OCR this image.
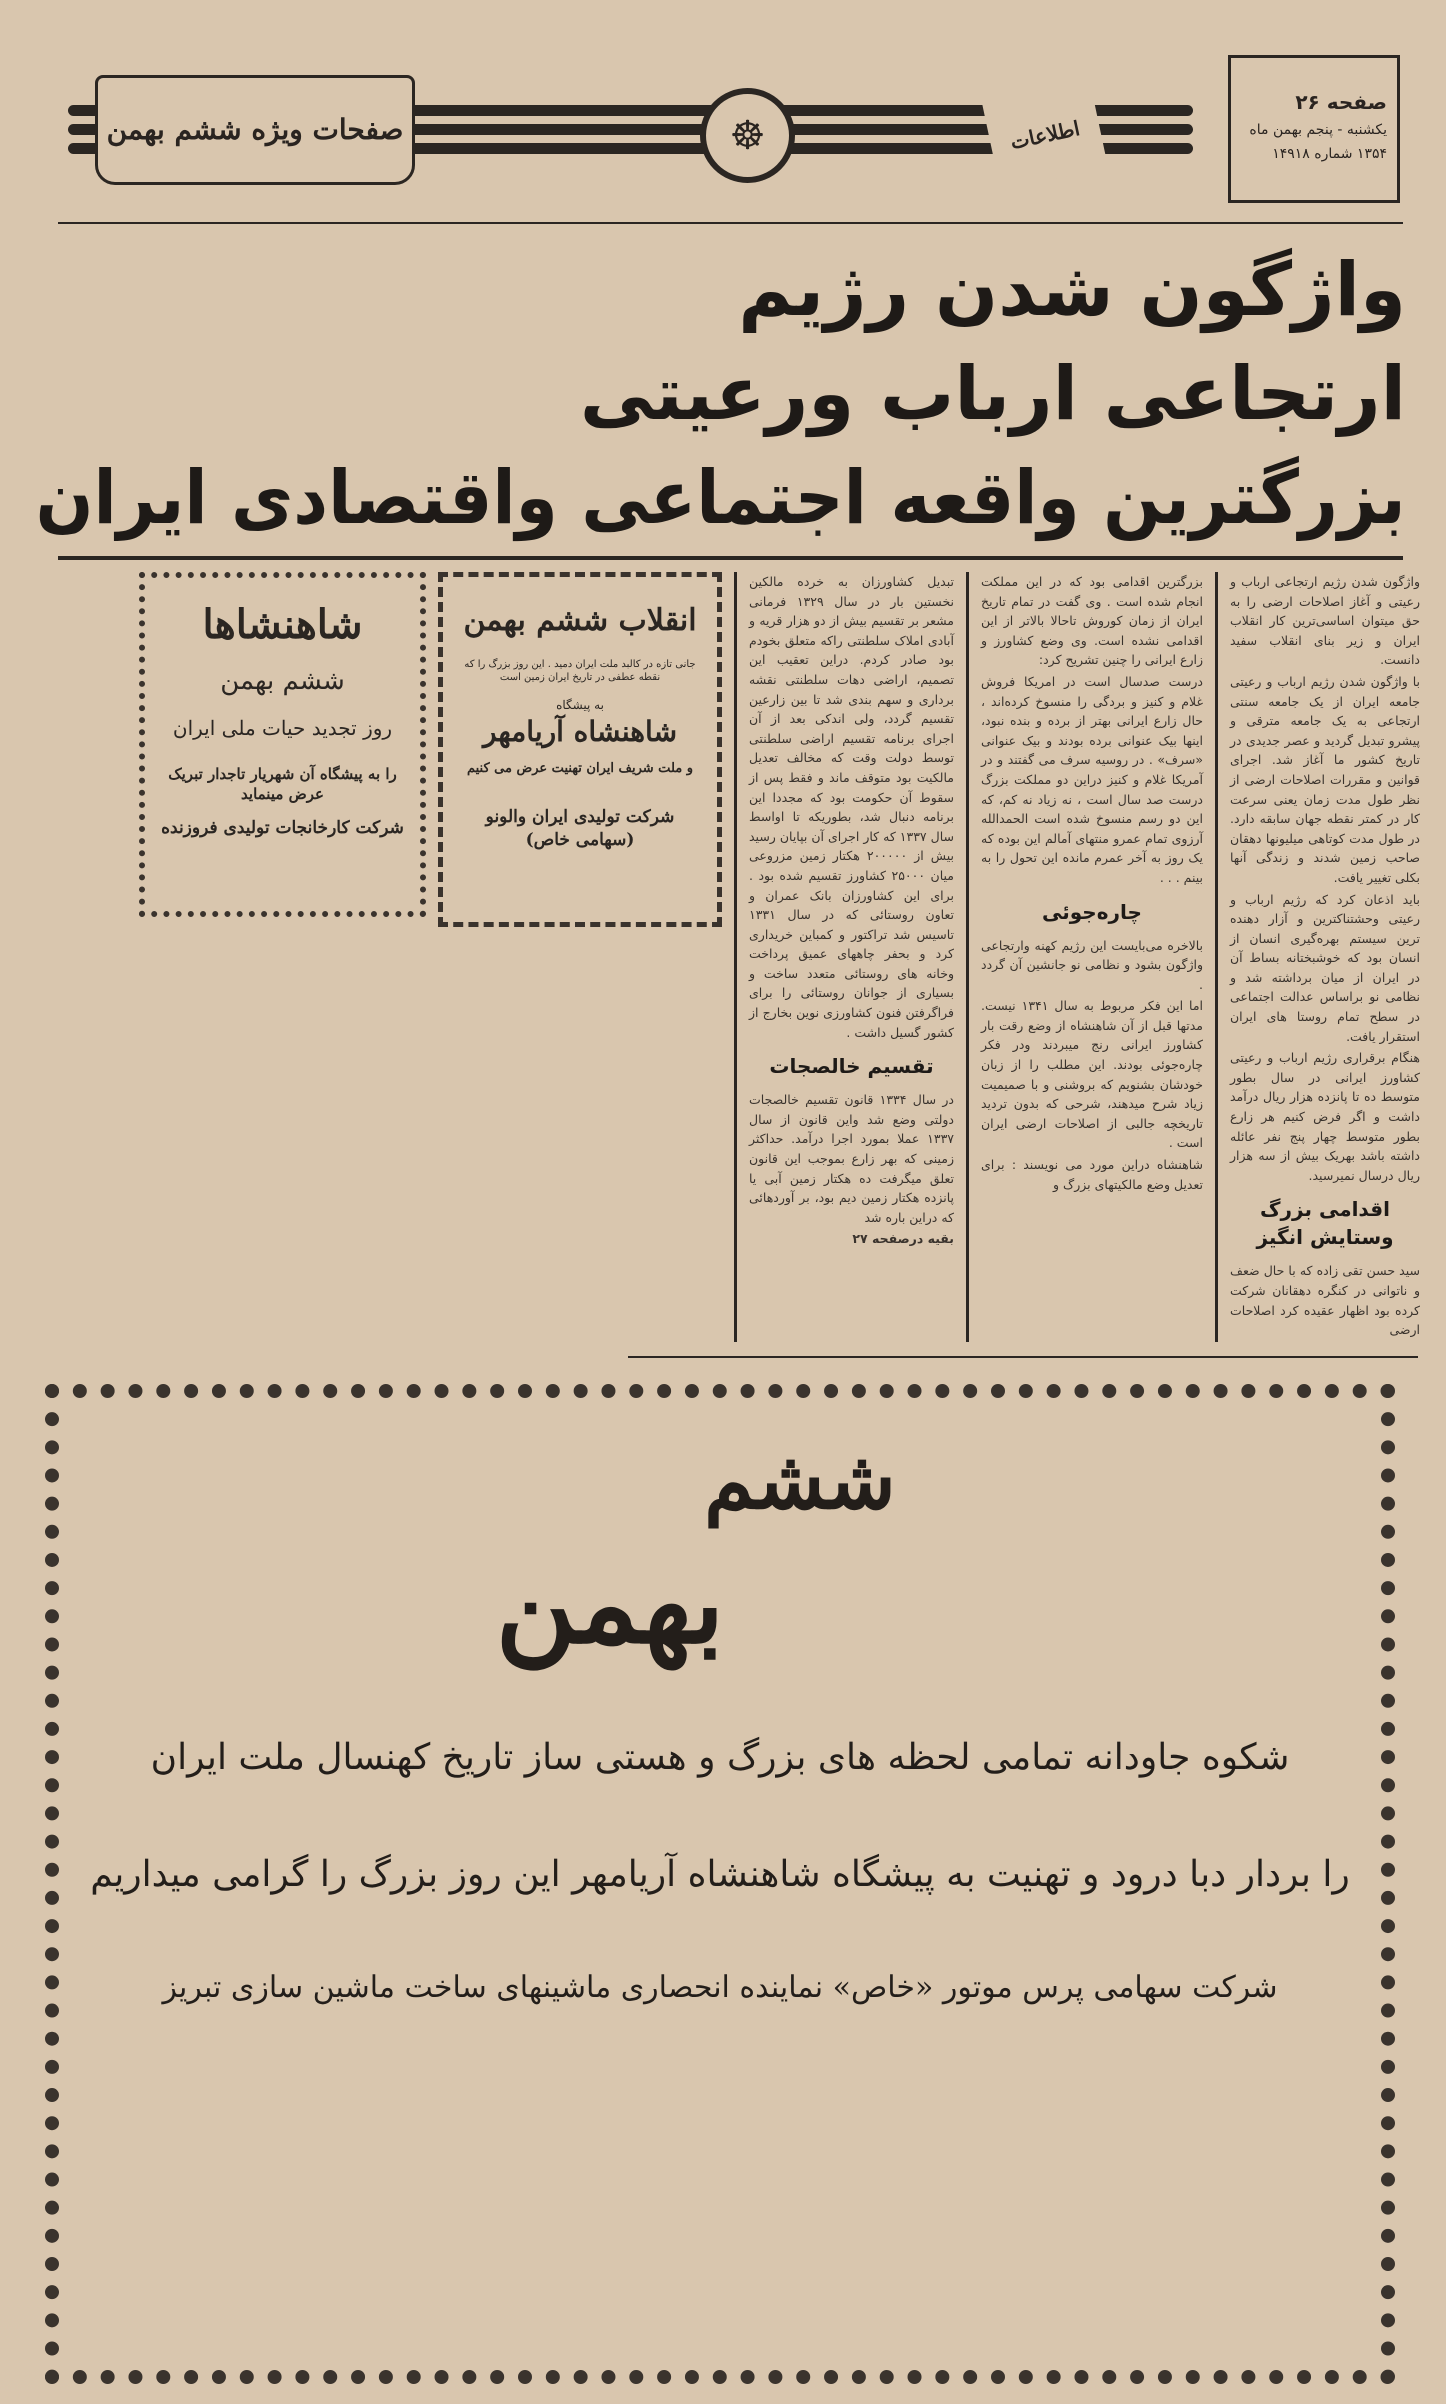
صفحات ویژه ششم بهمن	☸	اطلاعات
صفحه ۲۶
یکشنبه - پنجم بهمن ماه
۱۳۵۴ شماره ۱۴۹۱۸
واژگون شدن رژیم
ارتجاعی ارباب ورعیتی
بزرگترین واقعه اجتماعی واقتصادی ایران

واژگون شدن رژیم ارتجاعی ارباب و رعیتی و آغاز اصلاحات ارضی را به حق میتوان اساسی‌ترین کار انقلاب ایران و زیر بنای انقلاب سفید دانست.

با واژگون شدن رژیم ارباب و رعیتی جامعه ایران از یک جامعه سنتی ارتجاعی به یک جامعه مترقی و پیشرو تبدیل گردید و عصر جدیدی در تاریخ کشور ما آغاز شد. اجرای قوانین و مقررات اصلاحات ارضی از نظر طول مدت زمان یعنی سرعت کار در کمتر نقطه جهان سابقه دارد. در طول مدت کوتاهی میلیونها دهقان صاحب زمین شدند و زندگی آنها بکلی تغییر یافت.

باید اذعان کرد که رژیم ارباب و رعیتی وحشتناکترین و آزار دهنده ترین سیستم بهره‌گیری انسان از انسان بود که خوشبختانه بساط آن در ایران از میان برداشته شد و نظامی نو براساس عدالت اجتماعی در سطح تمام روستا های ایران استقرار یافت.

هنگام برقراری رژیم ارباب و رعیتی کشاورز ایرانی در سال بطور متوسط ده تا پانزده هزار ریال درآمد داشت و اگر فرض کنیم هر زارع بطور متوسط چهار پنج نفر عائله داشته باشد بهریک بیش از سه هزار ریال درسال نمیرسید.

اقدامی بزرگ وستایش انگیز

سید حسن تقی زاده که با حال ضعف و ناتوانی در کنگره دهقانان شرکت کرده بود اظهار عقیده کرد اصلاحات ارضی

بزرگترین اقدامی بود که در این مملکت انجام شده است . وی گفت در تمام تاریخ ایران از زمان کوروش تاحالا بالاتر از این اقدامی نشده است. وی وضع کشاورز و زارع ایرانی را چنین تشریح کرد:

درست صدسال است در امریکا فروش غلام و کنیز و بردگی را منسوخ کرده‌اند ، حال زارع ایرانی بهتر از برده و بنده نبود، اینها بیک عنوانی برده بودند و بیک عنوانی «سرف» . در روسیه سرف می گفتند و در آمریکا غلام و کنیز دراین دو مملکت بزرگ درست صد سال است ، نه زیاد نه کم، که این دو رسم منسوخ شده است الحمدالله آرزوی تمام عمرو منتهای آمالم این بوده که یک روز به آخر عمرم مانده این تحول را به بینم . . .

چاره‌جوئی

بالاخره می‌بایست این رژیم کهنه وارتجاعی واژگون بشود و نظامی نو جانشین آن گردد .

اما این فکر مربوط به سال ۱۳۴۱ نیست. مدتها قبل از آن شاهنشاه از وضع رقت بار کشاورز ایرانی رنج میبردند ودر فکر چاره‌جوئی بودند. این مطلب را از زبان خودشان بشنویم که بروشنی و با صمیمیت زیاد شرح میدهند، شرحی که بدون تردید تاریخچه جالبی از اصلاحات ارضی ایران است .

شاهنشاه دراین مورد می نویسند : برای تعدیل وضع مالکیتهای بزرگ و

تبدیل کشاورزان به خرده مالکین نخستین بار در سال ۱۳۲۹ فرمانی مشعر بر تقسیم بیش از دو هزار قریه و آبادی املاک سلطنتی راکه متعلق بخودم بود صادر کردم. دراین تعقیب این تصمیم، اراضی دهات سلطنتی نقشه برداری و سهم بندی شد تا بین زارعین تقسیم گردد، ولی اندکی بعد از آن اجرای برنامه تقسیم اراضی سلطنتی توسط دولت وقت که مخالف تعدیل مالکیت بود متوقف ماند و فقط پس از سقوط آن حکومت بود که مجددا این برنامه دنبال شد، بطوریکه تا اواسط سال ۱۳۳۷ که کار اجرای آن بپایان رسید بیش از ۲۰۰۰۰۰ هکتار زمین مزروعی میان ۲۵۰۰۰ کشاورز تقسیم شده بود . برای این کشاورزان بانک عمران و تعاون روستائی که در سال ۱۳۳۱ تاسیس شد تراکتور و کمباین خریداری کرد و بحفر چاههای عمیق پرداخت وخانه های روستائی متعدد ساخت و بسیاری از جوانان روستائی را برای فراگرفتن فنون کشاورزی نوین بخارج از کشور گسیل داشت .

تقسیم خالصجات

در سال ۱۳۳۴ قانون تقسیم خالصجات دولتی وضع شد واین قانون از سال ۱۳۳۷ عملا بمورد اجرا درآمد. حداکثر زمینی که بهر زارع بموجب این قانون تعلق میگرفت ده هکتار زمین آبی یا پانزده هکتار زمین دیم بود، بر آوردهائی که دراین باره شد

بقیه درصفحه ۲۷

انقلاب ششم بهمن
جانی تازه در کالبد ملت ایران دمید . این روز بزرگ را که نقطه عطفی در تاریخ ایران زمین است
به پیشگاه
شاهنشاه آریامهر
و ملت شریف ایران تهنیت عرض می کنیم
شرکت تولیدی ایران والونو (سهامی خاص)
شاهنشاها
ششم بهمن
روز تجدید حیات ملی ایران
را به پیشگاه آن شهریار تاجدار تبریک عرض مینماید
شرکت کارخانجات تولیدی فروزنده
ششم
بهمن
شکوه جاودانه تمامی لحظه های بزرگ و هستی ساز تاریخ کهنسال ملت ایران
را بردار دبا درود و تهنیت به پیشگاه شاهنشاه آریامهر این روز بزرگ را گرامی میداریم
شرکت سهامی پرس موتور «خاص» نماینده انحصاری ماشینهای ساخت ماشین سازی تبریز
